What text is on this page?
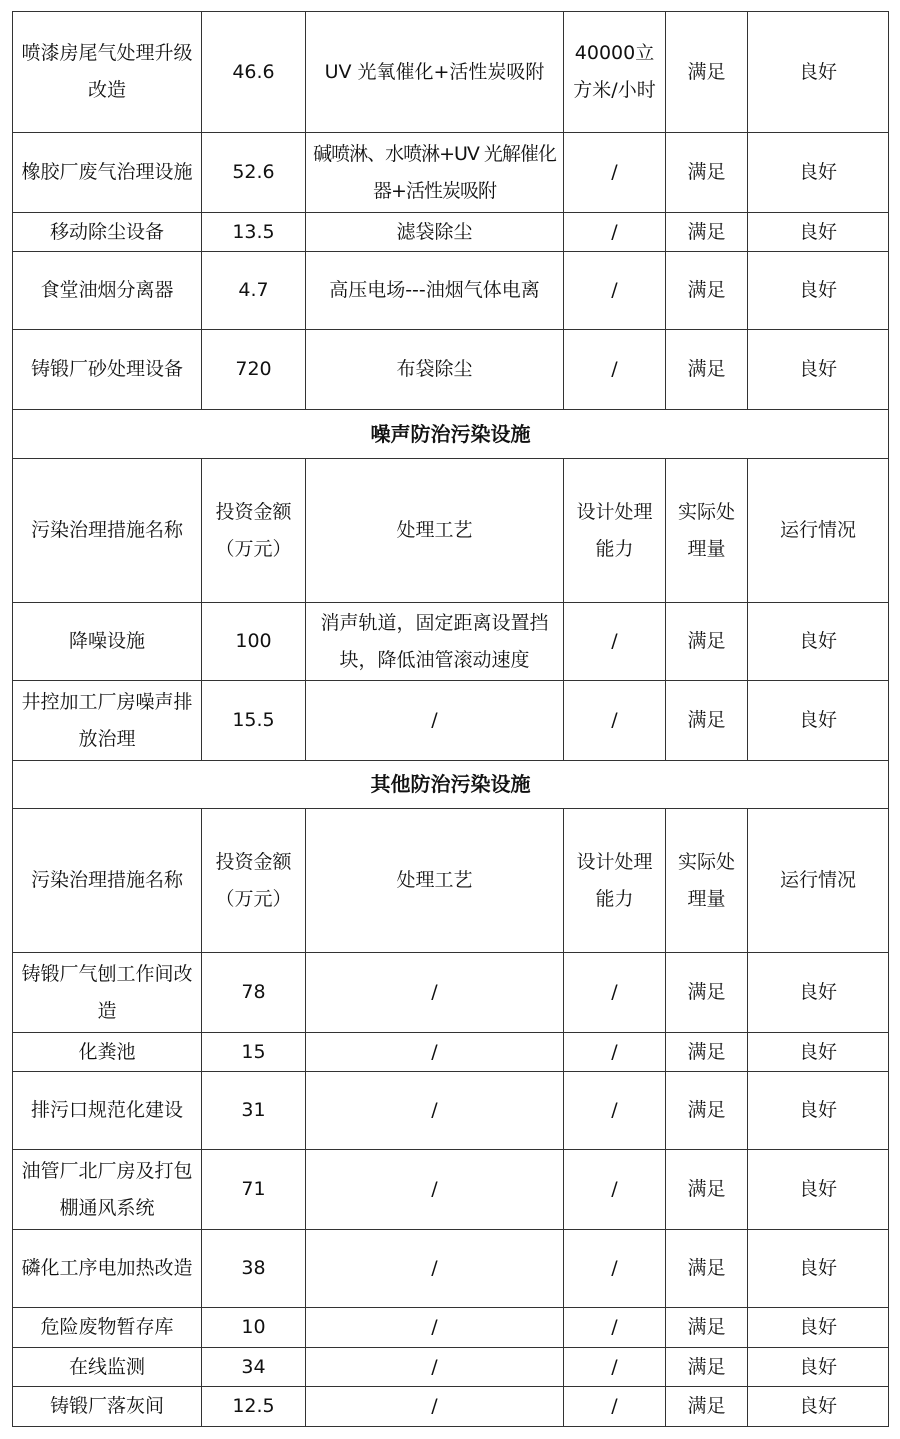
喷漆房尾气处理升级改造	46.6	UV 光氧催化+活性炭吸附	40000立方米/小时	满足	良好
橡胶厂废气治理设施	52.6	碱喷淋、水喷淋+UV 光解催化器+活性炭吸附	/	满足	良好
移动除尘设备	13.5	滤袋除尘	/	满足	良好
食堂油烟分离器	4.7	高压电场---油烟气体电离	/	满足	良好
铸锻厂砂处理设备	720	布袋除尘	/	满足	良好
噪声防治污染设施					
污染治理措施名称	投资金额（万元）	处理工艺	设计处理能力	实际处理量	运行情况
降噪设施	100	消声轨道，固定距离设置挡块，降低油管滚动速度	/	满足	良好
井控加工厂房噪声排放治理	15.5	/	/	满足	良好
其他防治污染设施					
污染治理措施名称	投资金额（万元）	处理工艺	设计处理能力	实际处理量	运行情况
铸锻厂气刨工作间改造	78	/	/	满足	良好
化粪池	15	/	/	满足	良好
排污口规范化建设	31	/	/	满足	良好
油管厂北厂房及打包棚通风系统	71	/	/	满足	良好
磷化工序电加热改造	38	/	/	满足	良好
危险废物暂存库	10	/	/	满足	良好
在线监测	34	/	/	满足	良好
铸锻厂落灰间	12.5	/	/	满足	良好
